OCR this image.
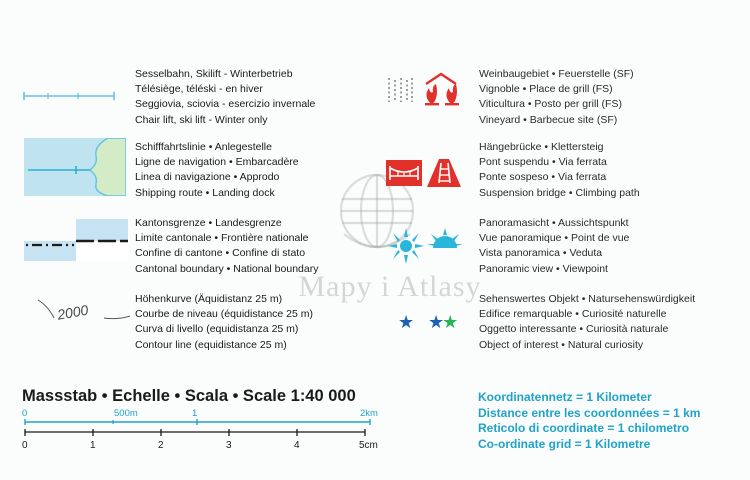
Mapy i Atlasy
2000
Sesselbahn, Skilift - Winterbetrieb
Télésiège, téléski - en hiver
Seggiovia, sciovia - esercizio invernale
Chair lift, ski lift - Winter only
Schifffahrtslinie • Anlegestelle
Ligne de navigation • Embarcadère
Linea di navigazione • Approdo
Shipping route • Landing dock
Kantonsgrenze • Landesgrenze
Limite cantonale • Frontière nationale
Confine di cantone • Confine di stato
Cantonal boundary • National boundary
Höhenkurve (Äquidistanz 25 m)
Courbe de niveau (équidistance 25 m)
Curva di livello (equidistanza 25 m)
Contour line (equidistance 25 m)
★ ★★
Weinbaugebiet • Feuerstelle (SF)
Vignoble • Place de grill (FS)
Viticultura • Posto per grill (FS)
Vineyard • Barbecue site (SF)
Hängebrücke • Klettersteig
Pont suspendu • Via ferrata
Ponte sospeso • Via ferrata
Suspension bridge • Climbing path
Panoramasicht • Aussichtspunkt
Vue panoramique • Point de vue
Vista panoramica • Veduta
Panoramic view • Viewpoint
Sehenswertes Objekt • Natursehenswürdigkeit
Edifice remarquable • Curiosité naturelle
Oggetto interessante • Curiosità naturale
Object of interest • Natural curiosity
Massstab • Echelle • Scala • Scale 1:40 000
0	500m	1	2km
0	1	2	3	4	5cm
Koordinatennetz = 1 Kilometer
Distance entre les coordonnées = 1 km
Reticolo di coordinate = 1 chilometro
Co-ordinate grid = 1 Kilometre
